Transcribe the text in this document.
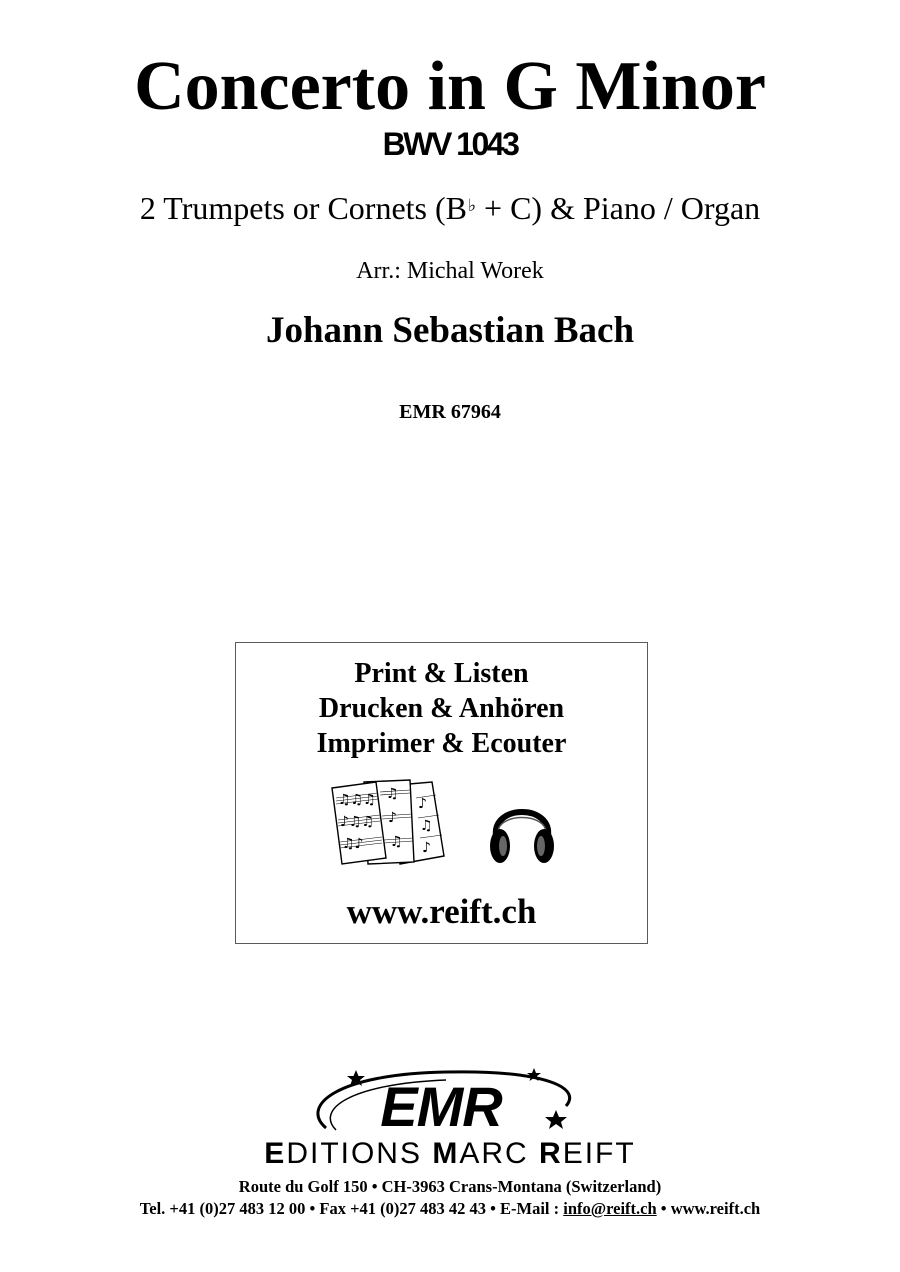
Concerto in G Minor
BWV 1043
2 Trumpets or Cornets (B♭ + C) & Piano / Organ
Arr.: Michal Worek
Johann Sebastian Bach
EMR 67964
Print & Listen
Drucken & Anhören
Imprimer & Ecouter
♫♫♫
♪♫♫
♫♪
♫
♪
♫
♪
♫
♪
www.reift.ch
EMR
EDITIONS MARC REIFT
Route du Golf 150 • CH-3963 Crans-Montana (Switzerland)
Tel. +41 (0)27 483 12 00 • Fax +41 (0)27 483 42 43 • E-Mail : info@reift.ch • www.reift.ch
